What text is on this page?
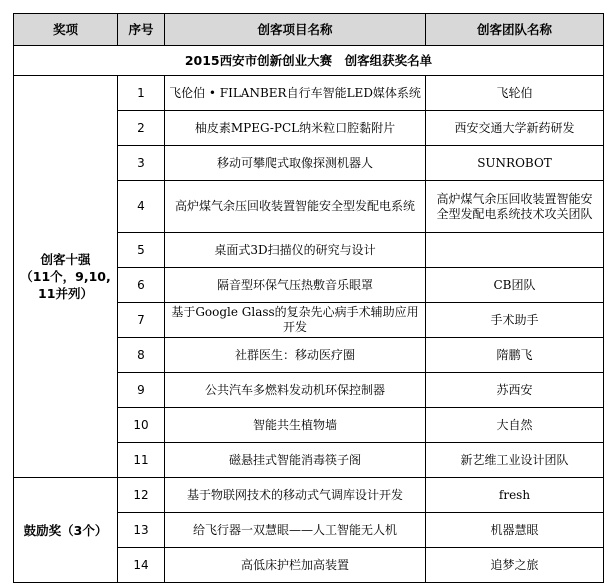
2015西安市创新创业大赛　创客组获奖名单			
奖项	序号	创客项目名称	创客团队名称
创客十强
（11个，9,10,
11并列）	1	飞伦伯 • FILANBER自行车智能LED媒体系统	飞轮伯
	2	柚皮素MPEG-PCL纳米粒口腔黏附片	西安交通大学新药研发
	3	移动可攀爬式取像探测机器人	SUNROBOT
	4	高炉煤气余压回收装置智能安全型发配电系统	高炉煤气余压回收装置智能安
全型发配电系统技术攻关团队
	5	桌面式3D扫描仪的研究与设计	
	6	隔音型环保气压热敷音乐眼罩	CB团队
	7	基于Google Glass的复杂先心病手术辅助应用
开发	手术助手
	8	社群医生：移动医疗圈	隋鹏飞
	9	公共汽车多燃料发动机环保控制器	苏西安
	10	智能共生植物墙	大自然
	11	磁悬挂式智能消毒筷子阁	新艺维工业设计团队
鼓励奖（3个）	12	基于物联网技术的移动式气调库设计开发	fresh
	13	给飞行器一双慧眼——人工智能无人机	机器慧眼
	14	高低床护栏加高装置	追梦之旅
